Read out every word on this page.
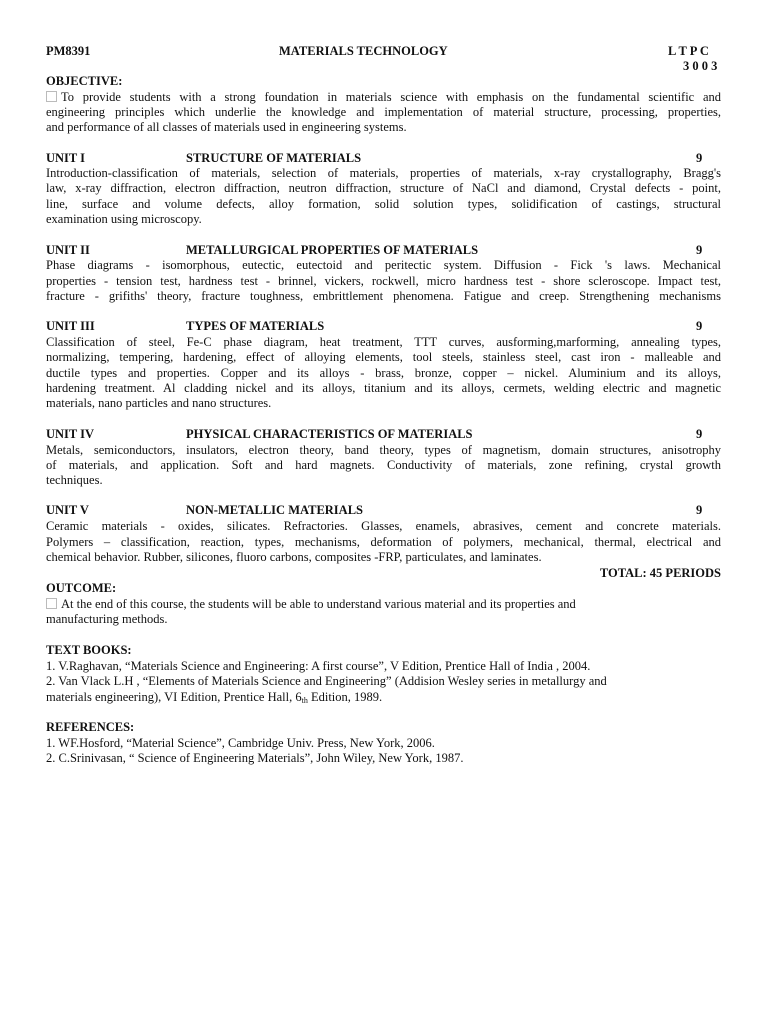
PM8391	MATERIALS TECHNOLOGY	L T P C
3 0 0 3
OBJECTIVE:
To provide students with a strong foundation in materials science with emphasis on the fundamental scientific and
engineering principles which underlie the knowledge and implementation of material structure, processing, properties,
and performance of all classes of materials used in engineering systems.
UNIT I	STRUCTURE OF MATERIALS	9
Introduction-classification of materials, selection of materials, properties of materials, x-ray crystallography, Bragg's
law, x-ray diffraction, electron diffraction, neutron diffraction, structure of NaCl and diamond, Crystal defects - point,
line, surface and volume defects, alloy formation, solid solution types, solidification of castings, structural
examination using microscopy.
UNIT II	METALLURGICAL PROPERTIES OF MATERIALS	9
Phase diagrams - isomorphous, eutectic, eutectoid and peritectic system. Diffusion - Fick 's laws. Mechanical
properties - tension test, hardness test - brinnel, vickers, rockwell, micro hardness test - shore scleroscope. Impact test,
fracture - grifiths' theory, fracture toughness, embrittlement phenomena. Fatigue and creep. Strengthening mechanisms
UNIT III	TYPES OF MATERIALS	9
Classification of steel, Fe-C phase diagram, heat treatment, TTT curves, ausforming,marforming, annealing types,
normalizing, tempering, hardening, effect of alloying elements, tool steels, stainless steel, cast iron - malleable and
ductile types and properties. Copper and its alloys - brass, bronze, copper – nickel. Aluminium and its alloys,
hardening treatment. Al cladding nickel and its alloys, titanium and its alloys, cermets, welding electric and magnetic
materials, nano particles and nano structures.
UNIT IV	PHYSICAL CHARACTERISTICS OF MATERIALS	9
Metals, semiconductors, insulators, electron theory, band theory, types of magnetism, domain structures, anisotrophy
of materials, and application. Soft and hard magnets. Conductivity of materials, zone refining, crystal growth
techniques.
UNIT V	NON-METALLIC MATERIALS	9
Ceramic materials - oxides, silicates. Refractories. Glasses, enamels, abrasives, cement and concrete materials.
Polymers – classification, reaction, types, mechanisms, deformation of polymers, mechanical, thermal, electrical and
chemical behavior. Rubber, silicones, fluoro carbons, composites -FRP, particulates, and laminates.
TOTAL: 45 PERIODS
OUTCOME:
At the end of this course, the students will be able to understand various material and its properties and
manufacturing methods.
TEXT BOOKS:
1. V.Raghavan, “Materials Science and Engineering: A first course”, V Edition, Prentice Hall of India , 2004.
2. Van Vlack L.H , “Elements of Materials Science and Engineering” (Addision Wesley series in metallurgy and
materials engineering), VI Edition, Prentice Hall, $6_{th}$ Edition, 1989.
REFERENCES:
1. WF.Hosford, “Material Science”, Cambridge Univ. Press, New York, 2006.
2. C.Srinivasan, “ Science of Engineering Materials”, John Wiley, New York, 1987.
